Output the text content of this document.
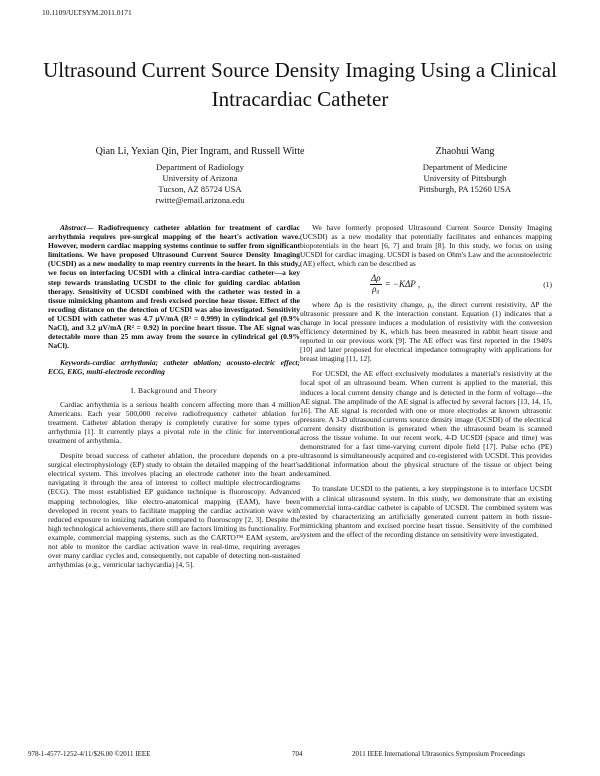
10.1109/ULTSYM.2011.0171
Ultrasound Current Source Density Imaging Using a Clinical Intracardiac Catheter
Qian Li, Yexian Qin, Pier Ingram, and Russell Witte
Department of Radiology
University of Arizona
Tucson, AZ 85724 USA
rwitte@email.arizona.edu
Zhaohui Wang
Department of Medicine
University of Pittsburgh
Pittsburgh, PA 15260 USA

Abstract— Radiofrequency catheter ablation for treatment of cardiac arrhythmia requires pre-surgical mapping of the heart's activation wave. However, modern cardiac mapping systems continue to suffer from significant limitations. We have proposed Ultrasound Current Source Density Imaging (UCSDI) as a new modality to map reentry currents in the heart. In this study, we focus on interfacing UCSDI with a clinical intra-cardiac catheter—a key step towards translating UCSDI to the clinic for guiding cardiac ablation therapy. Sensitivity of UCSDI combined with the catheter was tested in a tissue mimicking phantom and fresh excised porcine hear tissue. Effect of the recoding distance on the detection of UCSDI was also investigated. Sensitivity of UCSDI with catheter was 4.7 μV/mA (R² = 0.999) in cylindrical gel (0.9% NaCl), and 3.2 μV/mA (R² = 0.92) in porcine heart tissue. The AE signal was detectable more than 25 mm away from the source in cylindrical gel (0.9% NaCl).

Keywords-cardiac arrhythmia; catheter ablation; acousto-electric effect; ECG, EKG, multi-electrode recording

I. Background and Theory

Cardiac arrhythmia is a serious health concern affecting more than 4 million Americans. Each year 500,000 receive radiofrequency catheter ablation for treatment. Catheter ablation therapy is completely curative for some types of arrhythmia [1]. It currently plays a pivotal role in the clinic for interventional treatment of arrhythmia.

Despite broad success of catheter ablation, the procedure depends on a pre-surgical electrophysiology (EP) study to obtain the detailed mapping of the heart's electrical system. This involves placing an electrode catheter into the heart and navigating it through the area of interest to collect multiple electrocardiograms (ECG). The most established EP guidance technique is fluoroscopy. Advanced mapping technologies, like electro-anatomical mapping (EAM), have been developed in recent years to facilitate mapping the cardiac activation wave with reduced exposure to ionizing radiation compared to fluoroscopy [2, 3]. Despite the high technological achievements, there still are factors limiting its functionality. For example, commercial mapping systems, such as the CARTO™ EAM system, are not able to monitor the cardiac activation wave in real-time, requiring averages over many cardiac cycles and, consequently, not capable of detecting non-sustained arrhythmias (e.g., ventricular tachycardia) [4, 5].

We have formerly proposed Ultrasound Current Source Density Imaging (UCSDI) as a new modality that potentially facilitates and enhances mapping biopotentials in the heart [6, 7] and brain [8]. In this study, we focus on using UCSDI for cardiac imaging. UCSDI is based on Ohm's Law and the acoustoelectric (AE) effect, which can be described as

$\frac{\Delta\rho}{\text{ρ₀}} = -K\Delta P$ ,	(1)

where Δρ is the resistivity change, ρ₀ the direct current resistivity, ΔP the ultrasonic pressure and K the interaction constant. Equation (1) indicates that a change in local pressure induces a modulation of resistivity with the conversion efficiency determined by K, which has been measured in rabbit heart tissue and reported in our previous work [9]. The AE effect was first reported in the 1940's [10] and later proposed for electrical impedance tomography with applications for breast imaging [11, 12].

For UCSDI, the AE effect exclusively modulates a material's resistivity at the focal spot of an ultrasound beam. When current is applied to the material, this induces a local current density change and is detected in the form of voltage—the AE signal. The amplitude of the AE signal is affected by several factors [13, 14, 15, 16]. The AE signal is recorded with one or more electrodes at known ultrasonic pressure. A 3-D ultrasound currents source density image (UCSDI) of the electrical current density distribution is generated when the ultrasound beam is scanned across the tissue volume. In our recent work, 4-D UCSDI (space and time) was demonstrated for a fast time-varying current dipole field [17]. Pulse echo (PE) ultrasound is simultaneously acquired and co-registered with UCSDI. This provides additional information about the physical structure of the tissue or object being examined.

To translate UCSDI to the patients, a key steppingstone is to interface UCSDI with a clinical ultrasound system. In this study, we demonstrate that an existing commercial intra-cardiac catheter is capable of UCSDI. The combined system was tested by characterizing an artificially generated current pattern in both tissue-mimicking phantom and excised porcine heart tissue. Sensitivity of the combined system and the effect of the recording distance on sensitivity were investigated.

978-1-4577-1252-4/11/$26.00 ©2011 IEEE	704	2011 IEEE International Ultrasonics Symposium Proceedings
